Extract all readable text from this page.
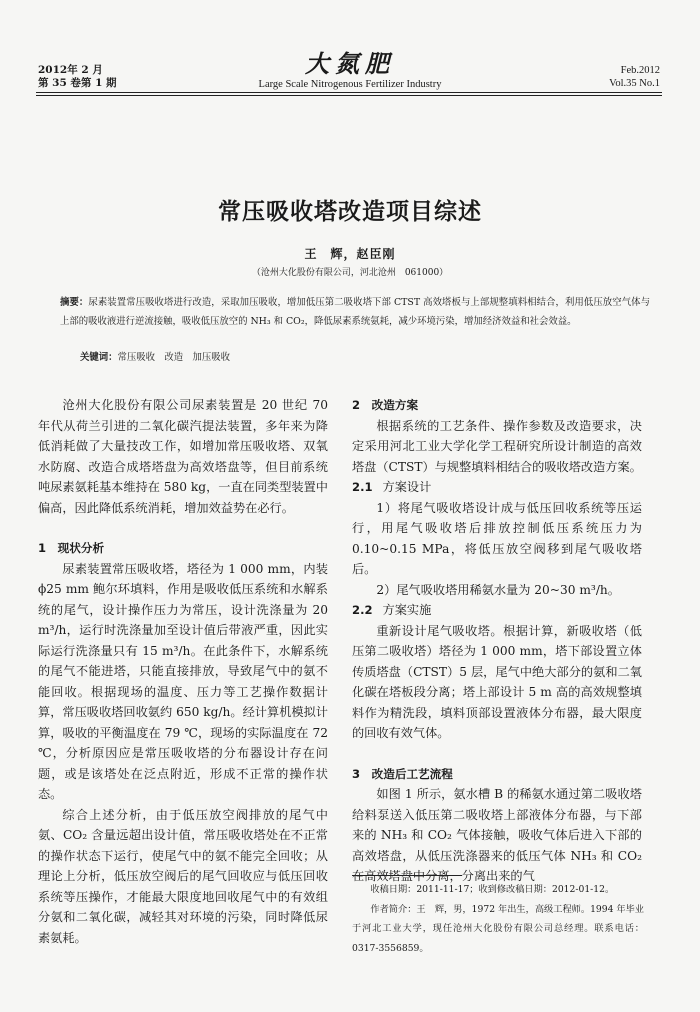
2012年 2 月
第 35 卷第 1 期
大氮肥
Large Scale Nitrogenous Fertilizer Industry
Feb.2012
Vol.35 No.1
常压吸收塔改造项目综述
王　辉，赵臣刚
（沧州大化股份有限公司，河北沧州　061000）
摘要：尿素装置常压吸收塔进行改造，采取加压吸收，增加低压第二吸收塔下部 CTST 高效塔板与上部规整填料相结合，利用低压放空气体与上部的吸收液进行逆流接触，吸收低压放空的 NH₃ 和 CO₂，降低尿素系统氨耗，减少环境污染，增加经济效益和社会效益。
关键词：常压吸收　改造　加压吸收

沧州大化股份有限公司尿素装置是 20 世纪 70 年代从荷兰引进的二氧化碳汽提法装置，多年来为降低消耗做了大量技改工作，如增加常压吸收塔、双氧水防腐、改造合成塔塔盘为高效塔盘等，但目前系统吨尿素氨耗基本维持在 580 kg，一直在同类型装置中偏高，因此降低系统消耗，增加效益势在必行。

1　现状分析

尿素装置常压吸收塔，塔径为 1 000 mm，内装 ϕ25 mm 鲍尔环填料，作用是吸收低压系统和水解系统的尾气，设计操作压力为常压，设计洗涤量为 20 m³/h，运行时洗涤量加至设计值后带液严重，因此实际运行洗涤量只有 15 m³/h。在此条件下，水解系统的尾气不能进塔，只能直接排放，导致尾气中的氨不能回收。根据现场的温度、压力等工艺操作数据计算，常压吸收塔回收氨约 650 kg/h。经计算机模拟计算，吸收的平衡温度在 79 ℃，现场的实际温度在 72 ℃，分析原因应是常压吸收塔的分布器设计存在问题，或是该塔处在泛点附近，形成不正常的操作状态。

综合上述分析，由于低压放空阀排放的尾气中氨、CO₂ 含量远超出设计值，常压吸收塔处在不正常的操作状态下运行，使尾气中的氨不能完全回收；从理论上分析，低压放空阀后的尾气回收应与低压回收系统等压操作，才能最大限度地回收尾气中的有效组分氨和二氧化碳，减轻其对环境的污染，同时降低尿素氨耗。

2　改造方案

根据系统的工艺条件、操作参数及改造要求，决定采用河北工业大学化学工程研究所设计制造的高效塔盘（CTST）与规整填料相结合的吸收塔改造方案。

2.1 方案设计

1）将尾气吸收塔设计成与低压回收系统等压运行，用尾气吸收塔后排放控制低压系统压力为 0.10~0.15 MPa，将低压放空阀移到尾气吸收塔后。

2）尾气吸收塔用稀氨水量为 20~30 m³/h。

2.2 方案实施

重新设计尾气吸收塔。根据计算，新吸收塔（低压第二吸收塔）塔径为 1 000 mm，塔下部设置立体传质塔盘（CTST）5 层，尾气中绝大部分的氨和二氧化碳在塔板段分离；塔上部设计 5 m 高的高效规整填料作为精洗段，填料顶部设置液体分布器，最大限度的回收有效气体。

3　改造后工艺流程

如图 1 所示，氨水槽 B 的稀氨水通过第二吸收塔给料泵送入低压第二吸收塔上部液体分布器，与下部来的 NH₃ 和 CO₂ 气体接触，吸收气体后进入下部的高效塔盘，从低压洗涤器来的低压气体 NH₃ 和 CO₂ 在高效塔盘中分离，分离出来的气

收稿日期：2011-11-17；收到修改稿日期：2012-01-12。
作者简介：王　辉，男，1972 年出生，高级工程师。1994 年毕业于河北工业大学，现任沧州大化股份有限公司总经理。联系电话：0317-3556859。
